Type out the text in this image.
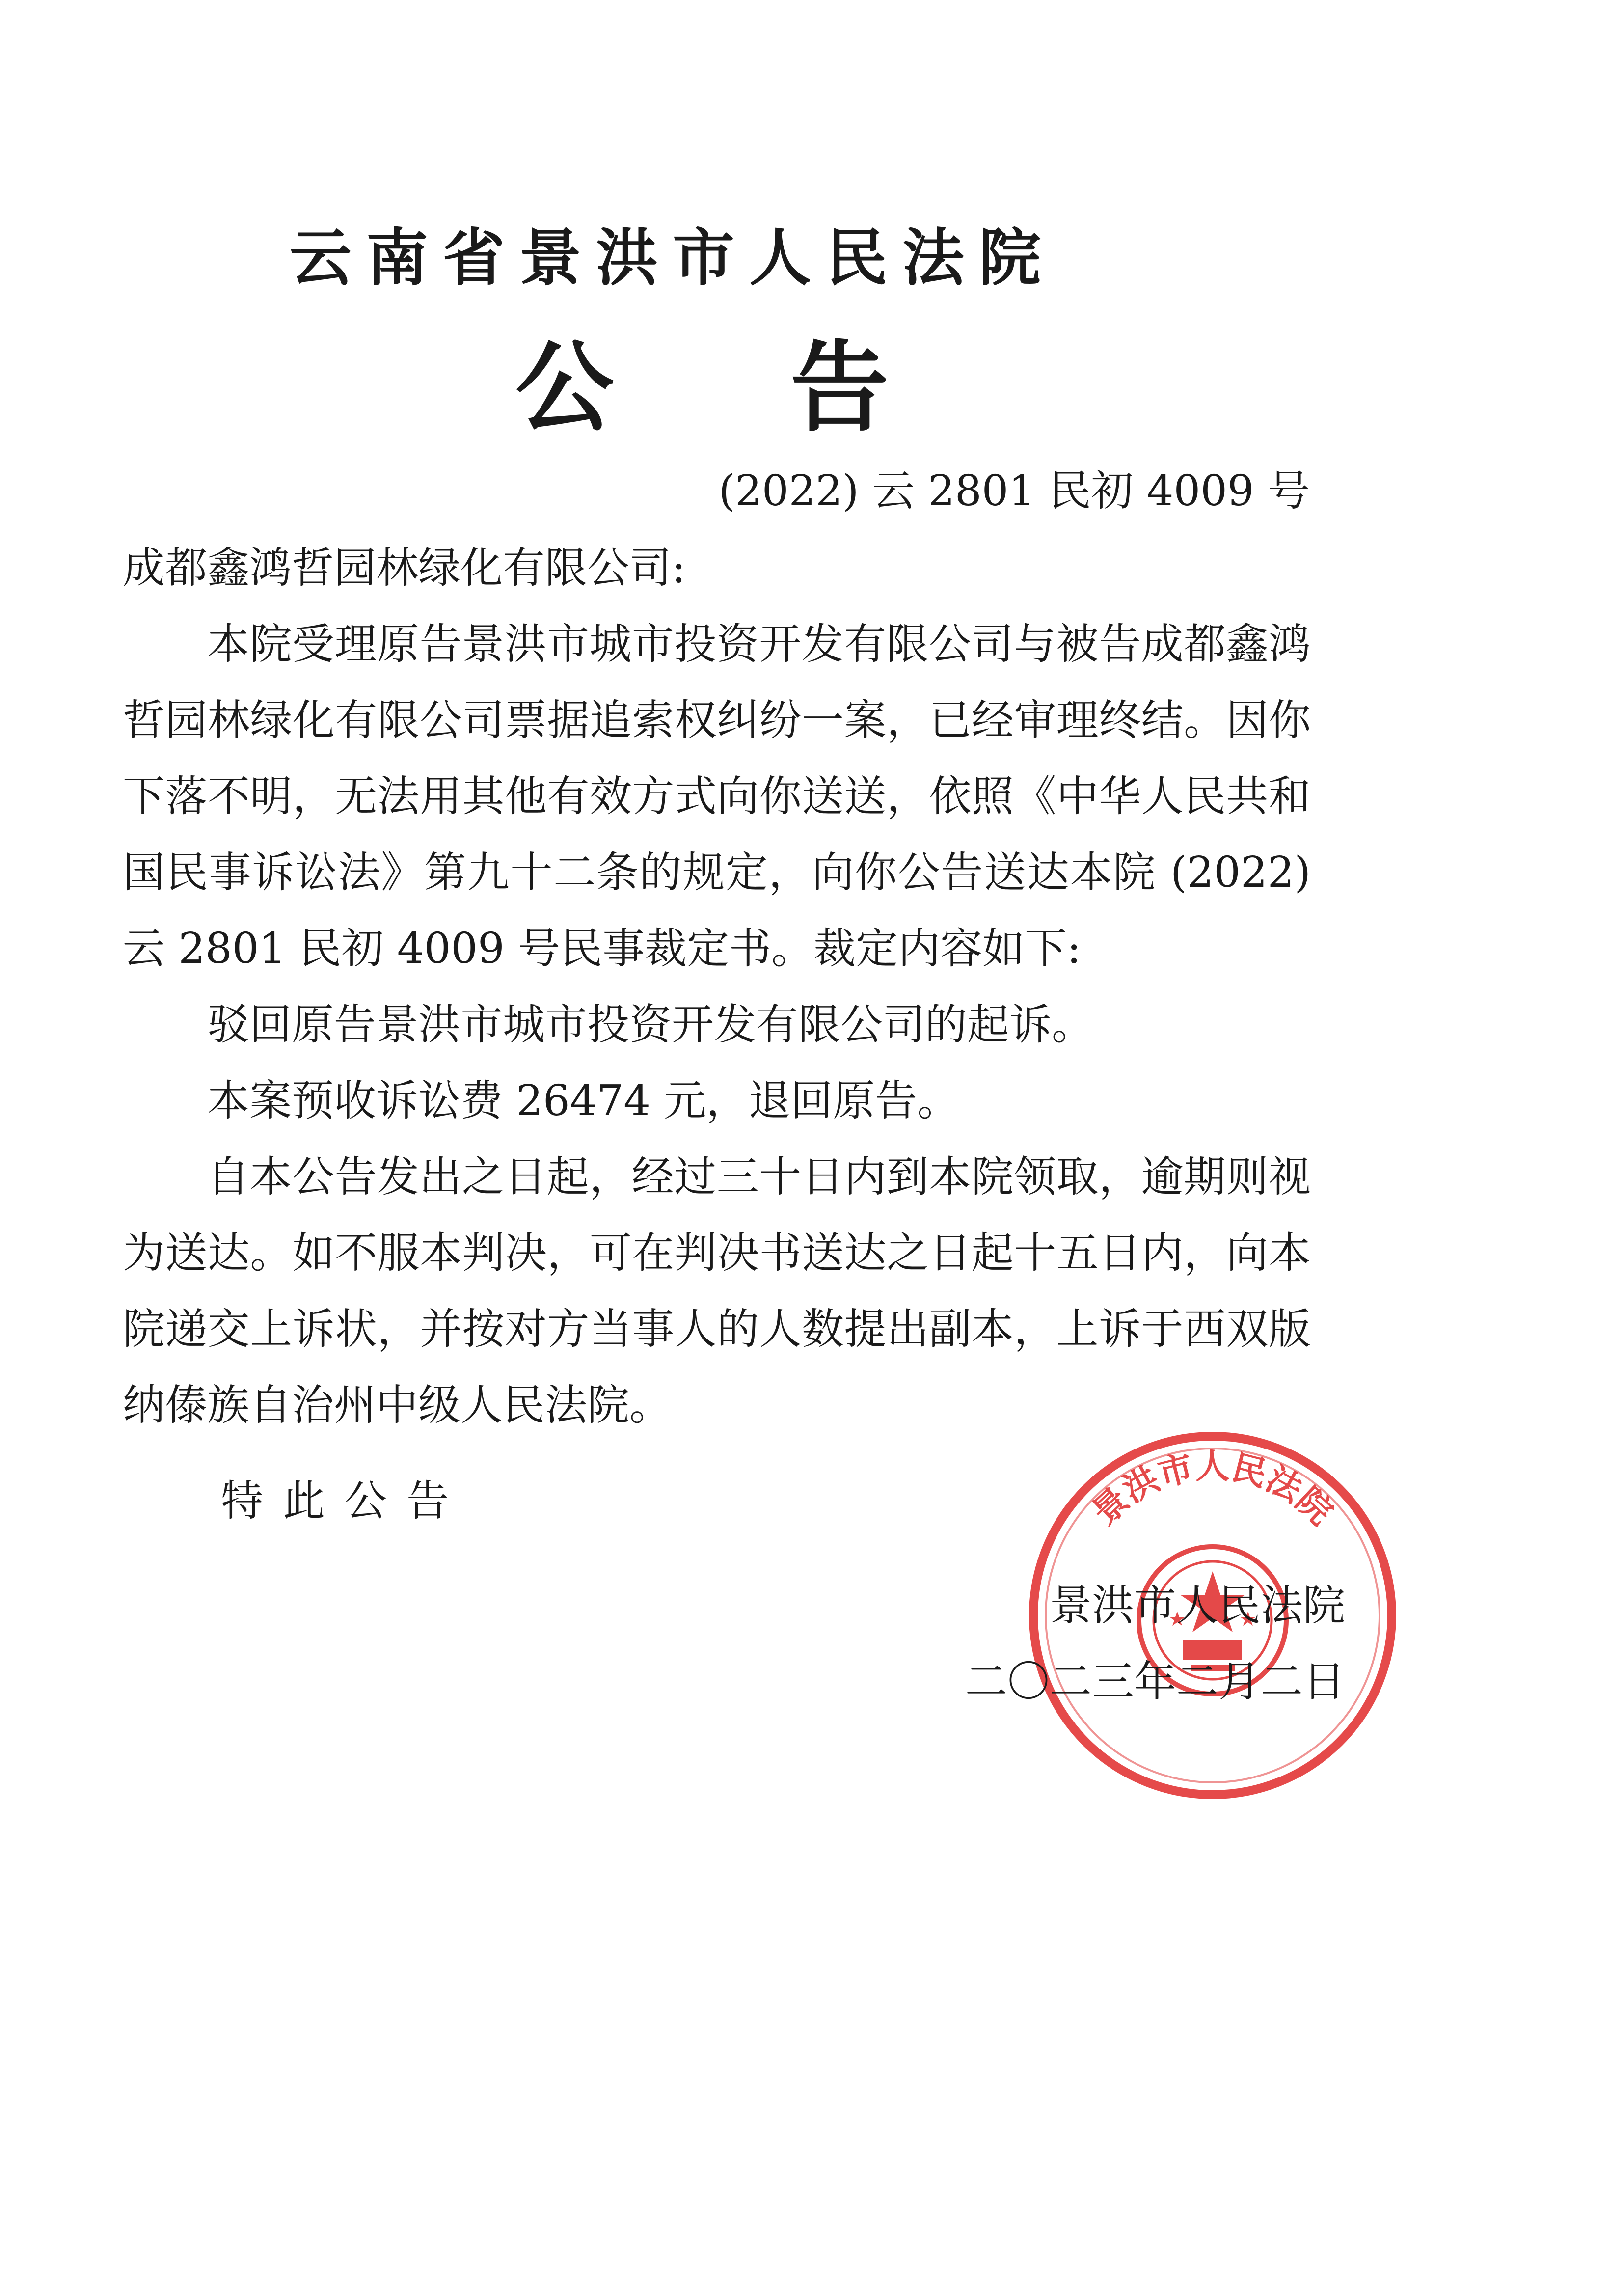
云南省景洪市人民法院
公告
(2022) 云 2801 民初 4009 号

成都鑫鸿哲园林绿化有限公司:

本院受理原告景洪市城市投资开发有限公司与被告成都鑫鸿哲园林绿化有限公司票据追索权纠纷一案，已经审理终结。因你下落不明，无法用其他有效方式向你送送，依照《中华人民共和国民事诉讼法》第九十二条的规定，向你公告送达本院 (2022) 云 2801 民初 4009 号民事裁定书。裁定内容如下:

驳回原告景洪市城市投资开发有限公司的起诉。

本案预收诉讼费 26474 元，退回原告。

自本公告发出之日起，经过三十日内到本院领取，逾期则视为送达。如不服本判决，可在判决书送达之日起十五日内，向本院递交上诉状，并按对方当事人的人数提出副本，上诉于西双版纳傣族自治州中级人民法院。

特此公告	景洪市人民法院
景洪市人民法院
二〇二三年二月二日
